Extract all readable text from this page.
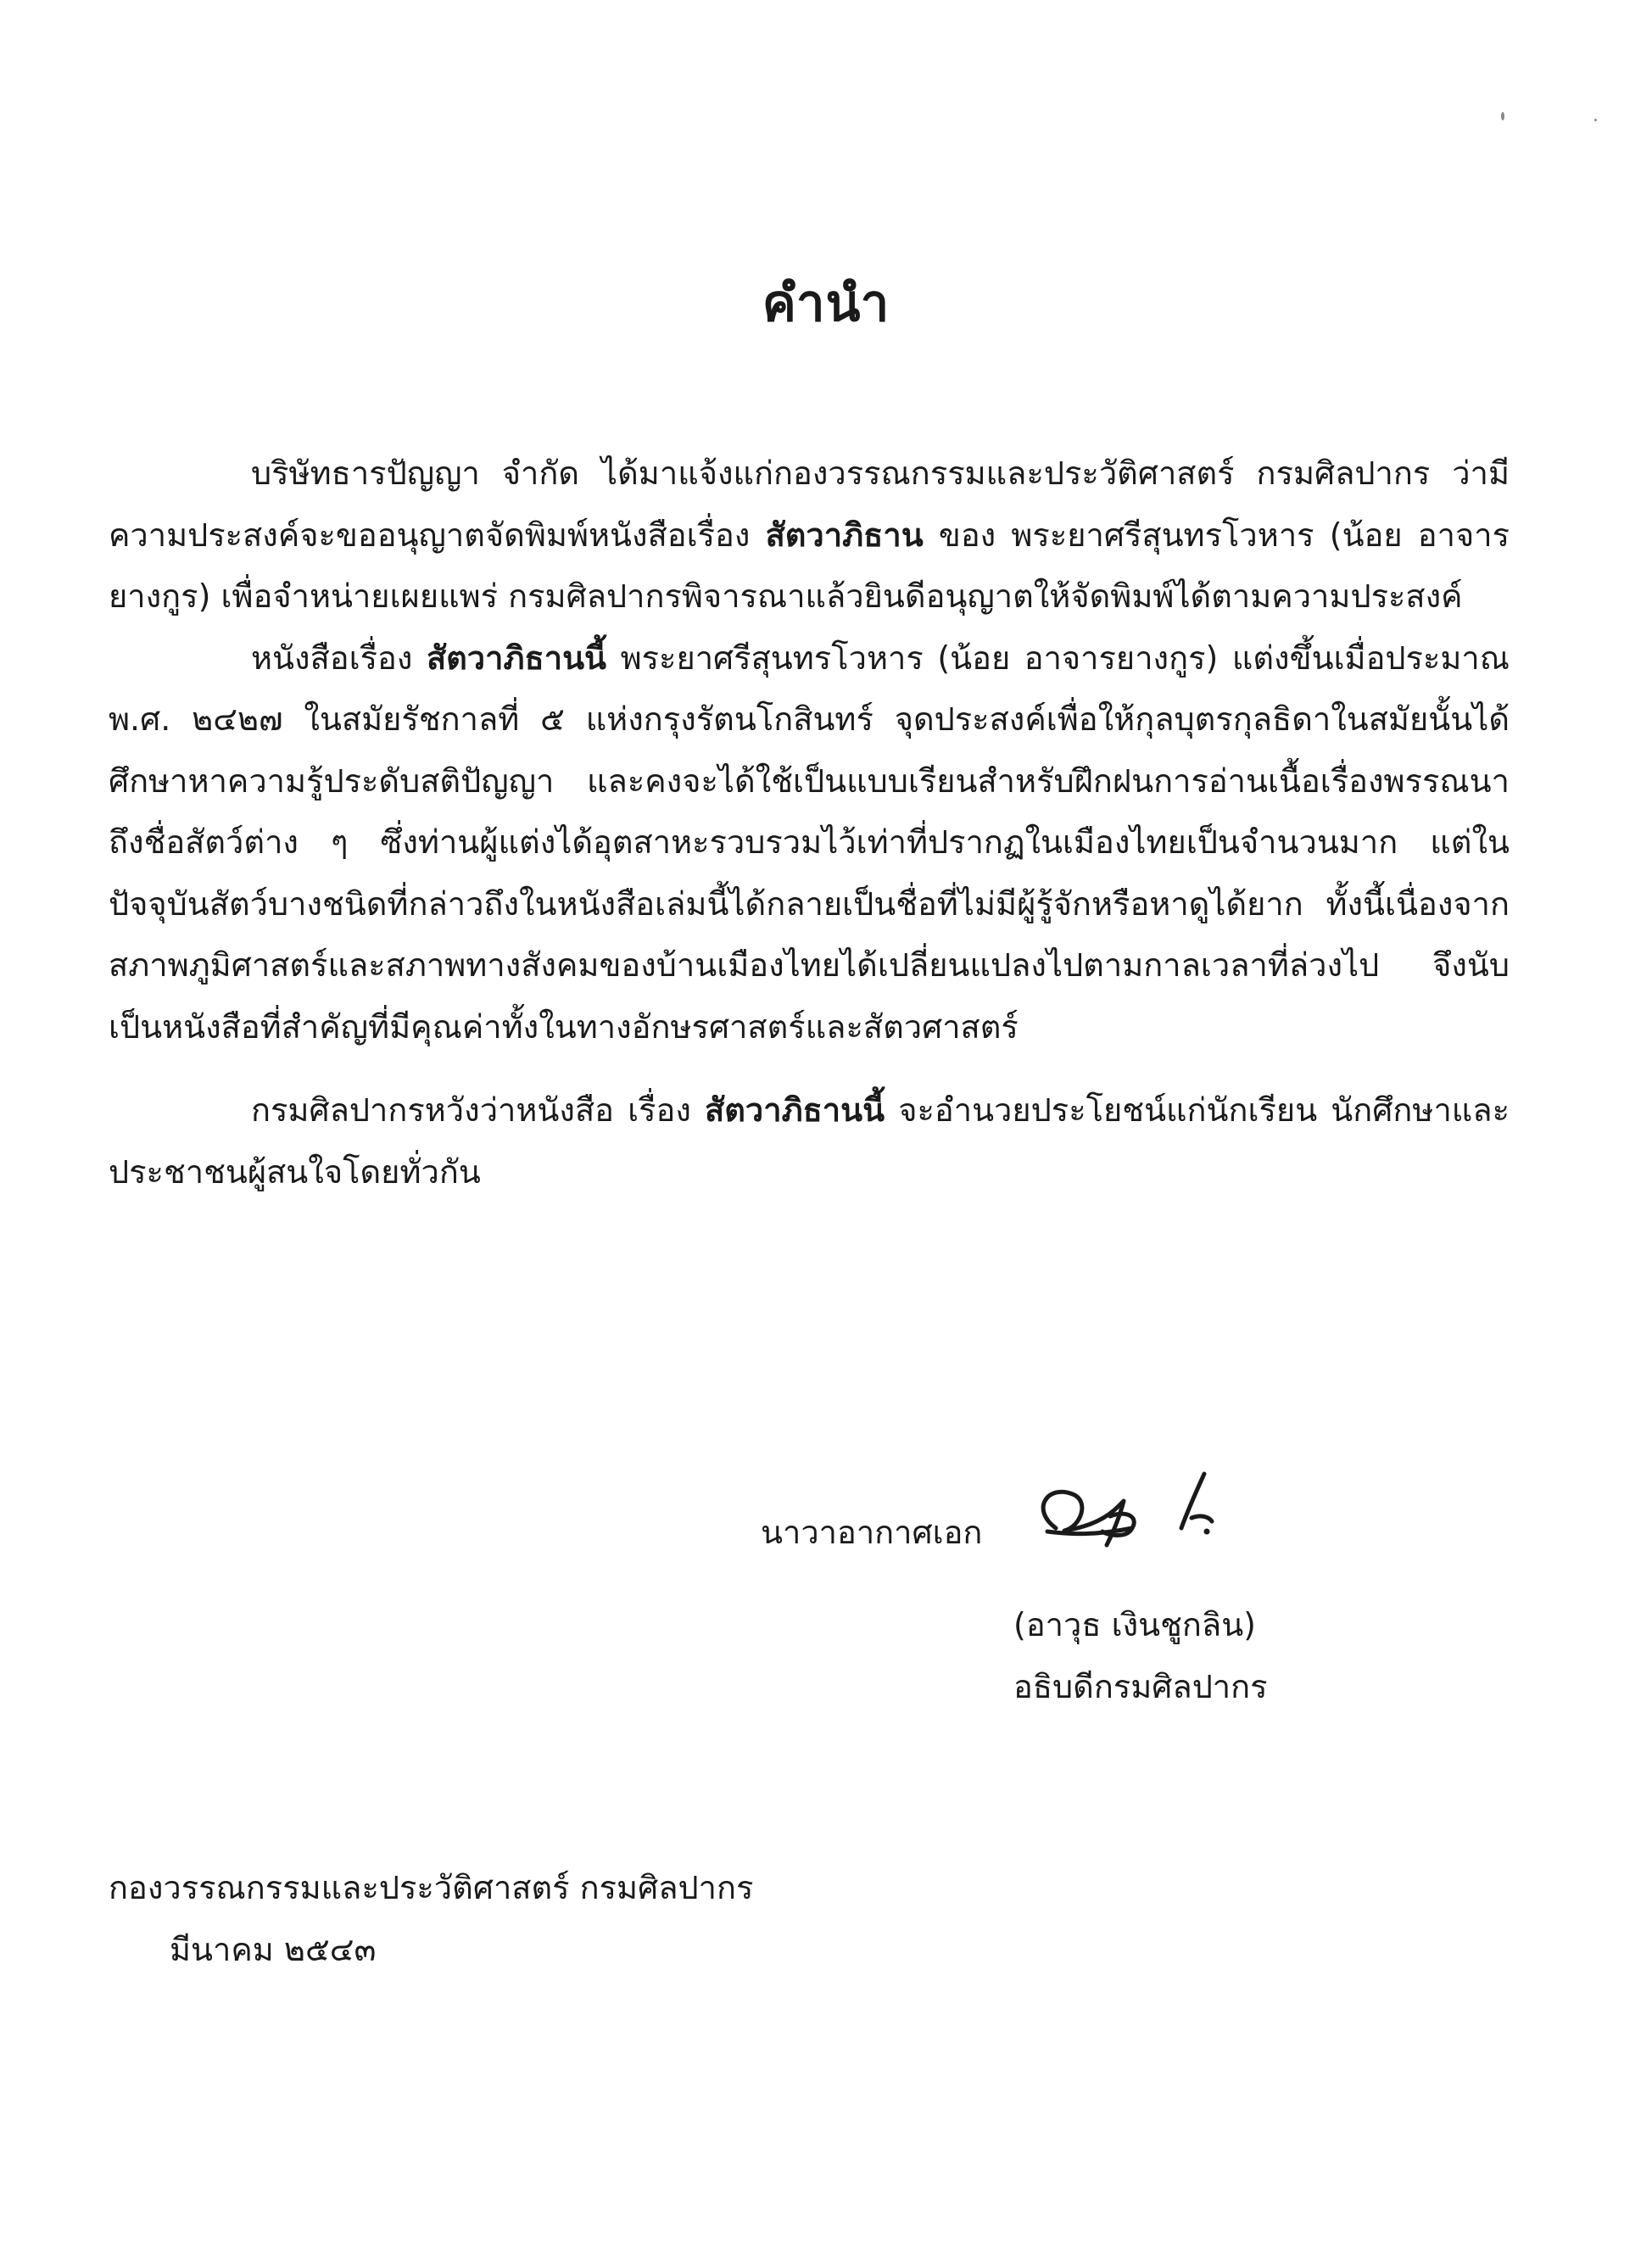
คำนำ

บริษัทธารปัญญา จำกัด ได้มาแจ้งแก่กองวรรณกรรมและประวัติศาสตร์ กรมศิลปากร ว่ามีความประสงค์จะขออนุญาตจัดพิมพ์หนังสือเรื่อง สัตวาภิธาน ของ พระยาศรีสุนทรโวหาร (น้อย อาจารยางกูร) เพื่อจำหน่ายเผยแพร่ กรมศิลปากรพิจารณาแล้วยินดีอนุญาตให้จัดพิมพ์ได้ตามความประสงค์

หนังสือเรื่อง สัตวาภิธานนี้ พระยาศรีสุนทรโวหาร (น้อย อาจารยางกูร) แต่งขึ้นเมื่อประมาณ พ.ศ. ๒๔๒๗ ในสมัยรัชกาลที่ ๕ แห่งกรุงรัตนโกสินทร์ จุดประสงค์เพื่อให้กุลบุตรกุลธิดาในสมัยนั้นได้ศึกษาหาความรู้ประดับสติปัญญา และคงจะได้ใช้เป็นแบบเรียนสำหรับฝึกฝนการอ่านเนื้อเรื่องพรรณนาถึงชื่อสัตว์ต่าง ๆ ซึ่งท่านผู้แต่งได้อุตสาหะรวบรวมไว้เท่าที่ปรากฏในเมืองไทยเป็นจำนวนมาก แต่ในปัจจุบันสัตว์บางชนิดที่กล่าวถึงในหนังสือเล่มนี้ได้กลายเป็นชื่อที่ไม่มีผู้รู้จักหรือหาดูได้ยาก ทั้งนี้เนื่องจากสภาพภูมิศาสตร์และสภาพทางสังคมของบ้านเมืองไทยได้เปลี่ยนแปลงไปตามกาลเวลาที่ล่วงไป จึงนับเป็นหนังสือที่สำคัญที่มีคุณค่าทั้งในทางอักษรศาสตร์และสัตวศาสตร์

กรมศิลปากรหวังว่าหนังสือ เรื่อง สัตวาภิธานนี้ จะอำนวยประโยชน์แก่นักเรียน นักศึกษาและประชาชนผู้สนใจโดยทั่วกัน

นาวาอากาศเอก
(อาวุธ เงินชูกลิน)
อธิบดีกรมศิลปากร
กองวรรณกรรมและประวัติศาสตร์ กรมศิลปากร
มีนาคม ๒๕๔๓
